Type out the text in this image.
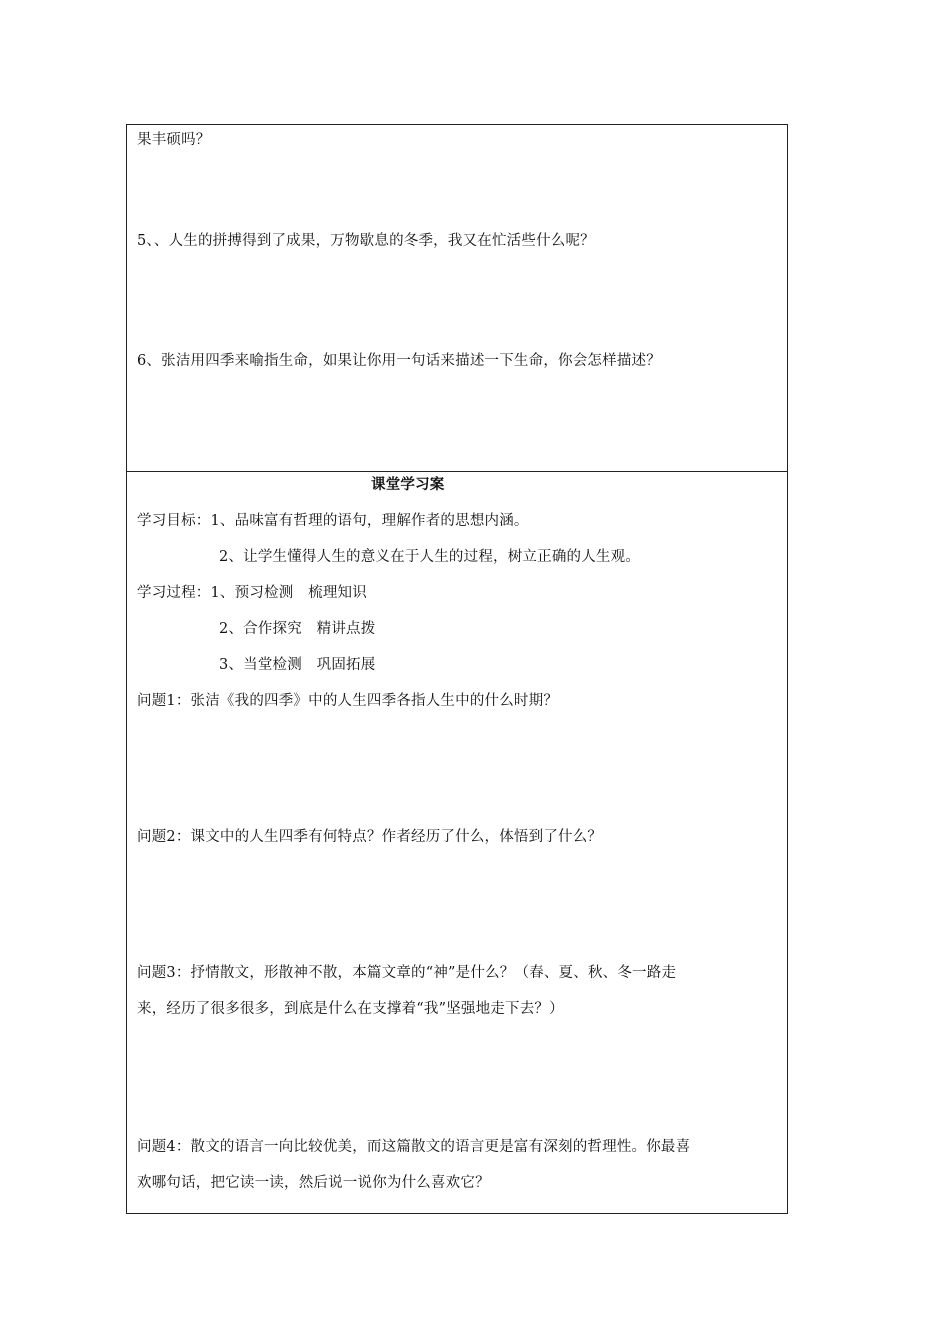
果丰硕吗？
5、、人生的拼搏得到了成果，万物歇息的冬季，我又在忙活些什么呢？
6、张洁用四季来喻指生命，如果让你用一句话来描述一下生命，你会怎样描述？
课堂学习案
学习目标：1、品味富有哲理的语句，理解作者的思想内涵。
2、让学生懂得人生的意义在于人生的过程，树立正确的人生观。
学习过程：1、预习检测　梳理知识
2、合作探究　精讲点拨
3、当堂检测　巩固拓展
问题1：张洁《我的四季》中的人生四季各指人生中的什么时期？
问题2：课文中的人生四季有何特点？作者经历了什么，体悟到了什么？
问题3：抒情散文，形散神不散，本篇文章的“神”是什么？（春、夏、秋、冬一路走
来，经历了很多很多，到底是什么在支撑着“我”坚强地走下去？）
问题4：散文的语言一向比较优美，而这篇散文的语言更是富有深刻的哲理性。你最喜
欢哪句话，把它读一读，然后说一说你为什么喜欢它？
